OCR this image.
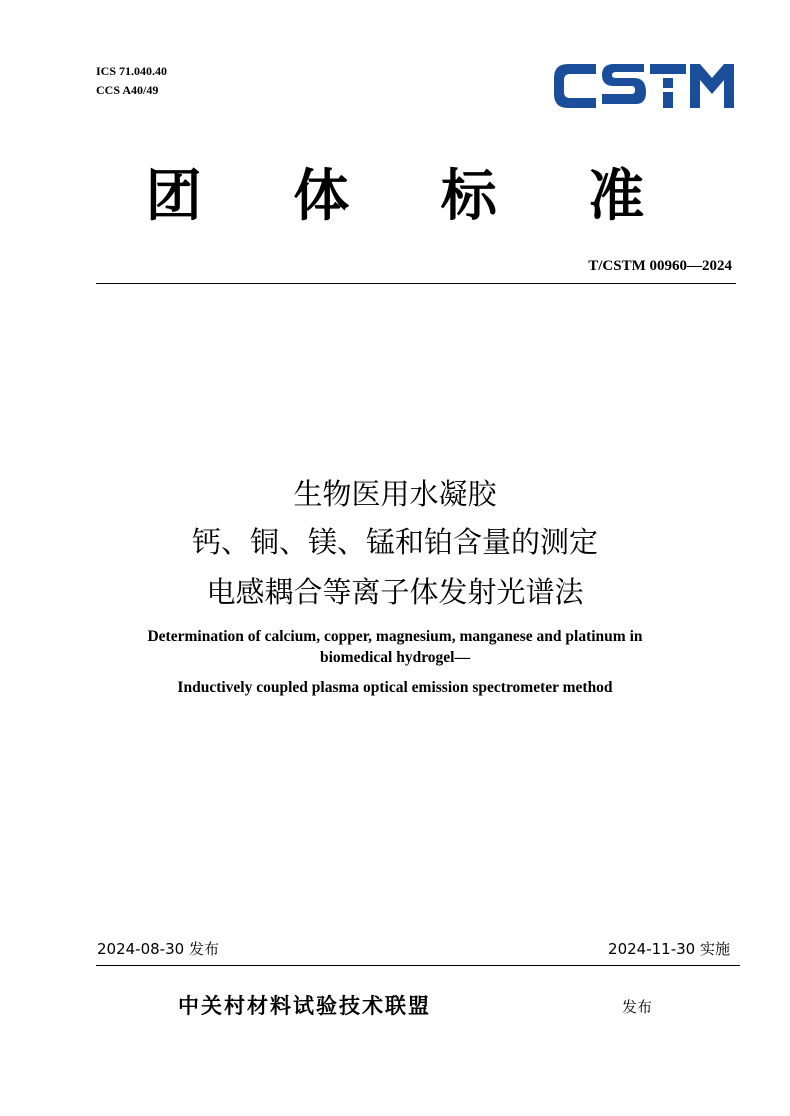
ICS 71.040.40
CCS A40/49
团 体 标 准
T/CSTM 00960—2024
生物医用水凝胶
钙、铜、镁、锰和铂含量的测定
电感耦合等离子体发射光谱法
Determination of calcium, copper, magnesium, manganese and platinum in
biomedical hydrogel—
Inductively coupled plasma optical emission spectrometer method
2024-08-30 发布	2024-11-30 实施
中关村材料试验技术联盟	发布
